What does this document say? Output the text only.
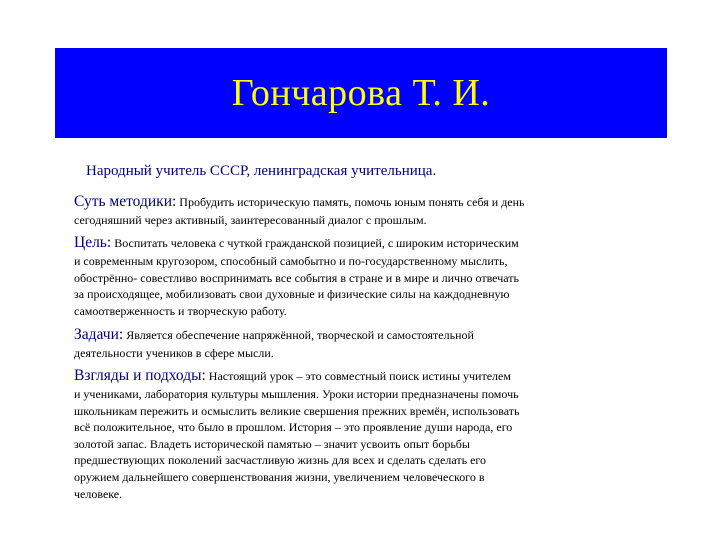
Гончарова Т. И.
Народный учитель СССР, ленинградская учительница.
Суть методики: Пробудить историческую память, помочь юным понять себя и день
сегодняшний через активный, заинтересованный диалог с прошлым.
Цель: Воспитать человека с чуткой гражданской позицией, с широким историческим
и современным кругозором, способный самобытно и по-государственному мыслить,
обострённо- совестливо воспринимать все события в стране и в мире и лично отвечать
за происходящее, мобилизовать свои духовные и физические силы на каждодневную
самоотверженность и творческую работу.
Задачи: Является обеспечение напряжённой, творческой и самостоятельной
деятельности учеников в сфере мысли.
Взгляды и подходы: Настоящий урок – это совместный поиск истины учителем
и учениками, лаборатория культуры мышления. Уроки истории предназначены помочь
школьникам пережить и осмыслить великие свершения прежних времён, использовать
всё положительное, что было в прошлом. История – это проявление души народа, его
золотой запас. Владеть исторической памятью – значит усвоить опыт борьбы
предшествующих поколений засчастливую жизнь для всех и сделать сделать его
оружием дальнейшего совершенствования жизни, увеличением человеческого в
человеке.
